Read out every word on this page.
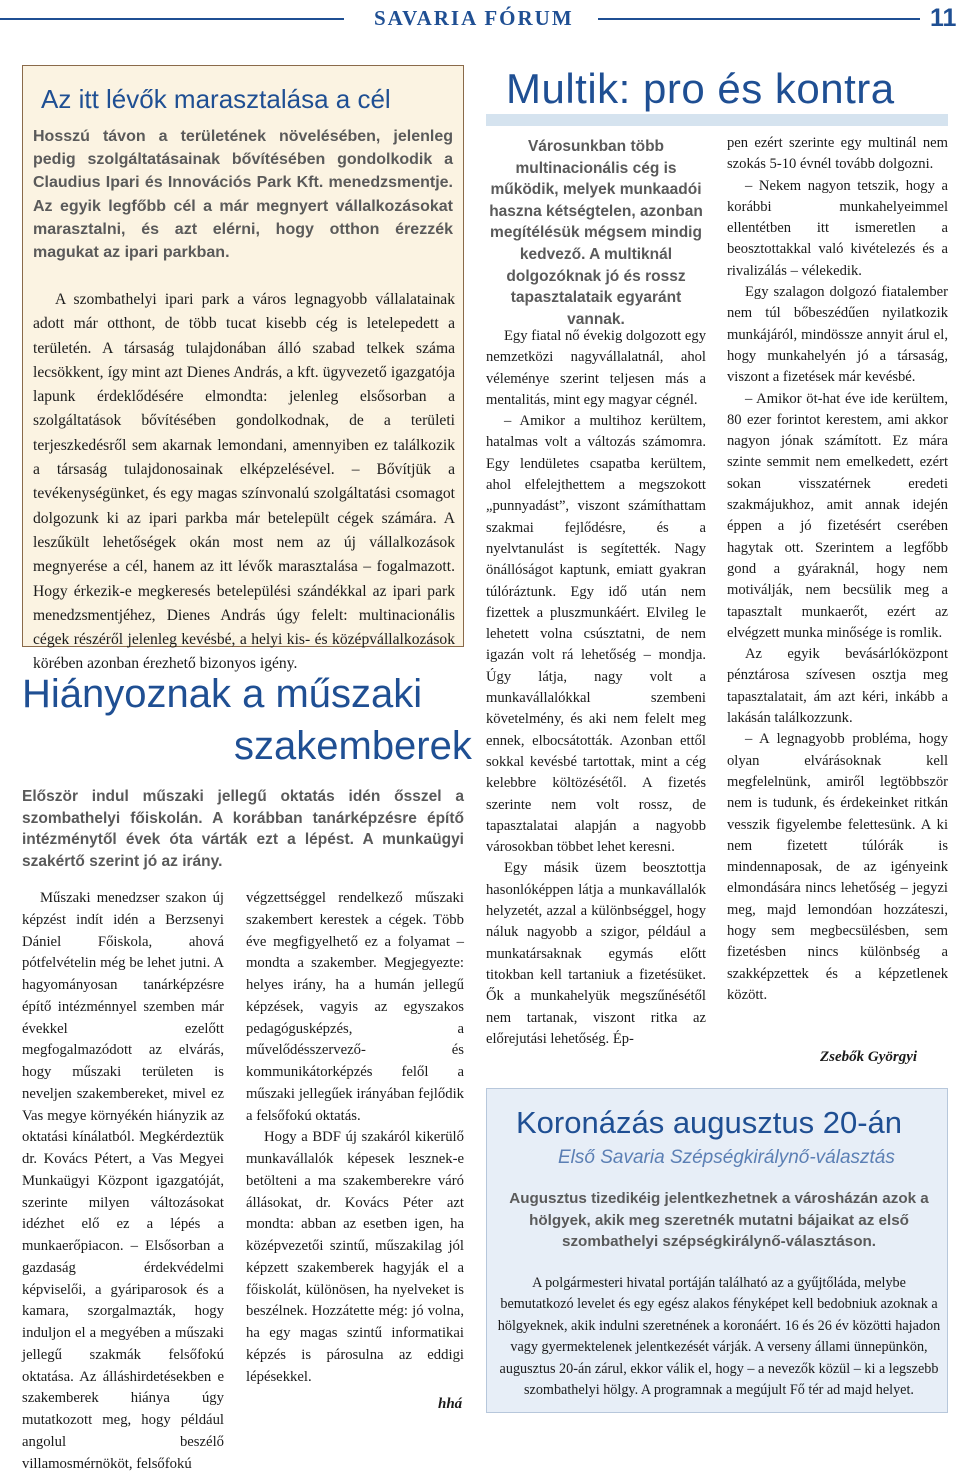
SAVARIA FÓRUM	11
Az itt lévők marasztalása a cél
Hosszú távon a területének növelésében, jelenleg pedig szolgáltatásainak bővítésében gondolkodik a Claudius Ipari és Innovációs Park Kft. menedzsmentje. Az egyik legfőbb cél a már megnyert vállalkozásokat marasztalni, és azt elérni, hogy otthon érezzék magukat az ipari parkban.
A szombathelyi ipari park a város legnagyobb vállalatainak adott már otthont, de több tucat kisebb cég is letelepedett a területén. A társaság tulajdonában álló szabad telkek száma lecsökkent, így mint azt Dienes András, a kft. ügyvezető igazgatója lapunk érdeklődésére elmondta: jelenleg elsősorban a szolgáltatások bővítésében gondolkodnak, de a területi terjeszkedésről sem akarnak lemondani, amennyiben ez találkozik a társaság tulajdonosainak elképzelésével. – Bővítjük a tevékenységünket, és egy magas színvonalú szolgáltatási csomagot dolgozunk ki az ipari parkba már betelepült cégek számára. A leszűkült lehetőségek okán most nem az új vállalkozások megnyerése a cél, hanem az itt lévők marasztalása – fogalmazott. Hogy érkezik-e megkeresés betelepülési szándékkal az ipari park menedzsmentjéhez, Dienes András úgy felelt: multinacionális cégek részéről jelenleg kevésbé, a helyi kis- és középvállalkozások körében azonban érezhető bizonyos igény.
Multik: pro és kontra
Városunkban több multinacionális cég is működik, melyek munkaadói haszna kétségtelen, azonban megítélésük mégsem mindig kedvező. A multiknál dolgozóknak jó és rossz tapasztalataik egyaránt vannak.

Egy fiatal nő évekig dolgozott egy nemzetközi nagyvállalatnál, ahol véleménye szerint teljesen más a mentalitás, mint egy magyar cégnél.

– Amikor a multihoz kerültem, hatalmas volt a változás számomra. Egy lendületes csapatba kerültem, ahol elfelejthettem a megszokott „punnyadást”, viszont számíthattam szakmai fejlődésre, és a nyelvtanulást is segítették. Nagy önállóságot kaptunk, emiatt gyakran túlóráztunk. Egy idő után nem fizettek a pluszmunkáért. Elvileg le lehetett volna csúsztatni, de nem igazán volt rá lehetőség – mondja. Úgy látja, nagy volt a munkavállalókkal szembeni követelmény, és aki nem felelt meg ennek, elbocsátották. Azonban ettől sokkal kevésbé tartottak, mint a cég kelebbre költözésétől. A fizetés szerinte nem volt rossz, de tapasztalatai alapján a nagyobb városokban többet lehet keresni.

Egy másik üzem beosztottja hasonlóképpen látja a munkavállalók helyzetét, azzal a különbséggel, hogy náluk nagyobb a szigor, például a munkatársaknak egymás előtt titokban kell tartaniuk a fizetésüket. Ők a munkahelyük megszűnésétől nem tartanak, viszont ritka az előrejutási lehetőség. Ép-

pen ezért szerinte egy multinál nem szokás 5-10 évnél tovább dolgozni.

– Nekem nagyon tetszik, hogy a korábbi munkahelyeimmel ellentétben itt ismeretlen a beosztottakkal való kivételezés és a rivalizálás – vélekedik.

Egy szalagon dolgozó fiatalember nem túl bőbeszédűen nyilatkozik munkájáról, mindössze annyit árul el, hogy munkahelyén jó a társaság, viszont a fizetések már kevésbé.

– Amikor öt-hat éve ide kerültem, 80 ezer forintot kerestem, ami akkor nagyon jónak számított. Ez mára szinte semmit nem emelkedett, ezért sokan visszatérnek eredeti szakmájukhoz, amit annak idején éppen a jó fizetésért cserében hagytak ott. Szerintem a legfőbb gond a gyáraknál, hogy nem motiválják, nem becsülik meg a tapasztalt munkaerőt, ezért az elvégzett munka minősége is romlik.

Az egyik bevásárlóközpont pénztárosa szívesen osztja meg tapasztalatait, ám azt kéri, inkább a lakásán találkozzunk.

– A legnagyobb probléma, hogy olyan elvárásoknak kell megfelelnünk, amiről legtöbbször nem is tudunk, és érdekeinket ritkán vesszik figyelembe felettesünk. A ki nem fizetett túlórák is mindennaposak, de az igényeink elmondására nincs lehetőség – jegyzi meg, majd lemondóan hozzáteszi, hogy sem megbecsülésben, sem fizetésben nincs különbség a szakképzettek és a képzetlenek között.

Zsebők Györgyi
Hiányoznak a műszaki
szakemberek
Először indul műszaki jellegű oktatás idén ősszel a szombathelyi főiskolán. A korábban tanárképzésre építő intézménytől évek óta várták ezt a lépést. A munkaügyi szakértő szerint jó az irány.

Műszaki menedzser szakon új képzést indít idén a Berzsenyi Dániel Főiskola, ahová pótfelvételin még be lehet jutni. A hagyományosan tanárképzésre építő intézménnyel szemben már évekkel ezelőtt megfogalmazódott az elvárás, hogy műszaki területen is neveljen szakembereket, mivel ez Vas megye környékén hiányzik az oktatási kínálatból. Megkérdeztük dr. Kovács Pétert, a Vas Megyei Munkaügyi Központ igazgatóját, szerinte milyen változásokat idézhet elő ez a lépés a munkaerőpiacon. – Elsősorban a gazdaság érdekvédelmi képviselői, a gyáriparosok és a kamara, szorgalmazták, hogy induljon el a megyében a műszaki jellegű szakmák felsőfokú oktatása. Az álláshirdetésekben e szakemberek hiánya úgy mutatkozott meg, hogy például angolul beszélő villamosmérnököt, felsőfokú

végzettséggel rendelkező műszaki szakembert kerestek a cégek. Több éve megfigyelhető ez a folyamat – mondta a szakember. Megjegyezte: helyes irány, ha a humán jellegű képzések, vagyis az egyszakos pedagógusképzés, a művelődésszervező- és kommunikátorképzés felől a műszaki jellegűek irányában fejlődik a felsőfokú oktatás.

Hogy a BDF új szakáról kikerülő munkavállalók képesek lesznek-e betölteni a ma szakemberekre váró állásokat, dr. Kovács Péter azt mondta: abban az esetben igen, ha középvezetői szintű, műszakilag jól képzett szakemberek hagyják el a főiskolát, különösen, ha nyelveket is beszélnek. Hozzátette még: jó volna, ha egy magas szintű informatikai képzés is párosulna az eddigi lépésekkel.

hhá
Koronázás augusztus 20-án
Első Savaria Szépségkirálynő-választás
Augusztus tizedikéig jelentkezhetnek a városházán azok a hölgyek, akik meg szeretnék mutatni bájaikat az első szombathelyi szépségkirálynő-választáson.
A polgármesteri hivatal portáján található az a gyűjtőláda, melybe bemutatkozó levelet és egy egész alakos fényképet kell bedobniuk azoknak a hölgyeknek, akik indulni szeretnének a koronáért. 16 és 26 év közötti hajadon vagy gyermektelenek jelentkezését várják. A verseny állami ünnepünkön, augusztus 20-án zárul, ekkor válik el, hogy – a nevezők közül – ki a legszebb szombathelyi hölgy. A programnak a megújult Fő tér ad majd helyet.
